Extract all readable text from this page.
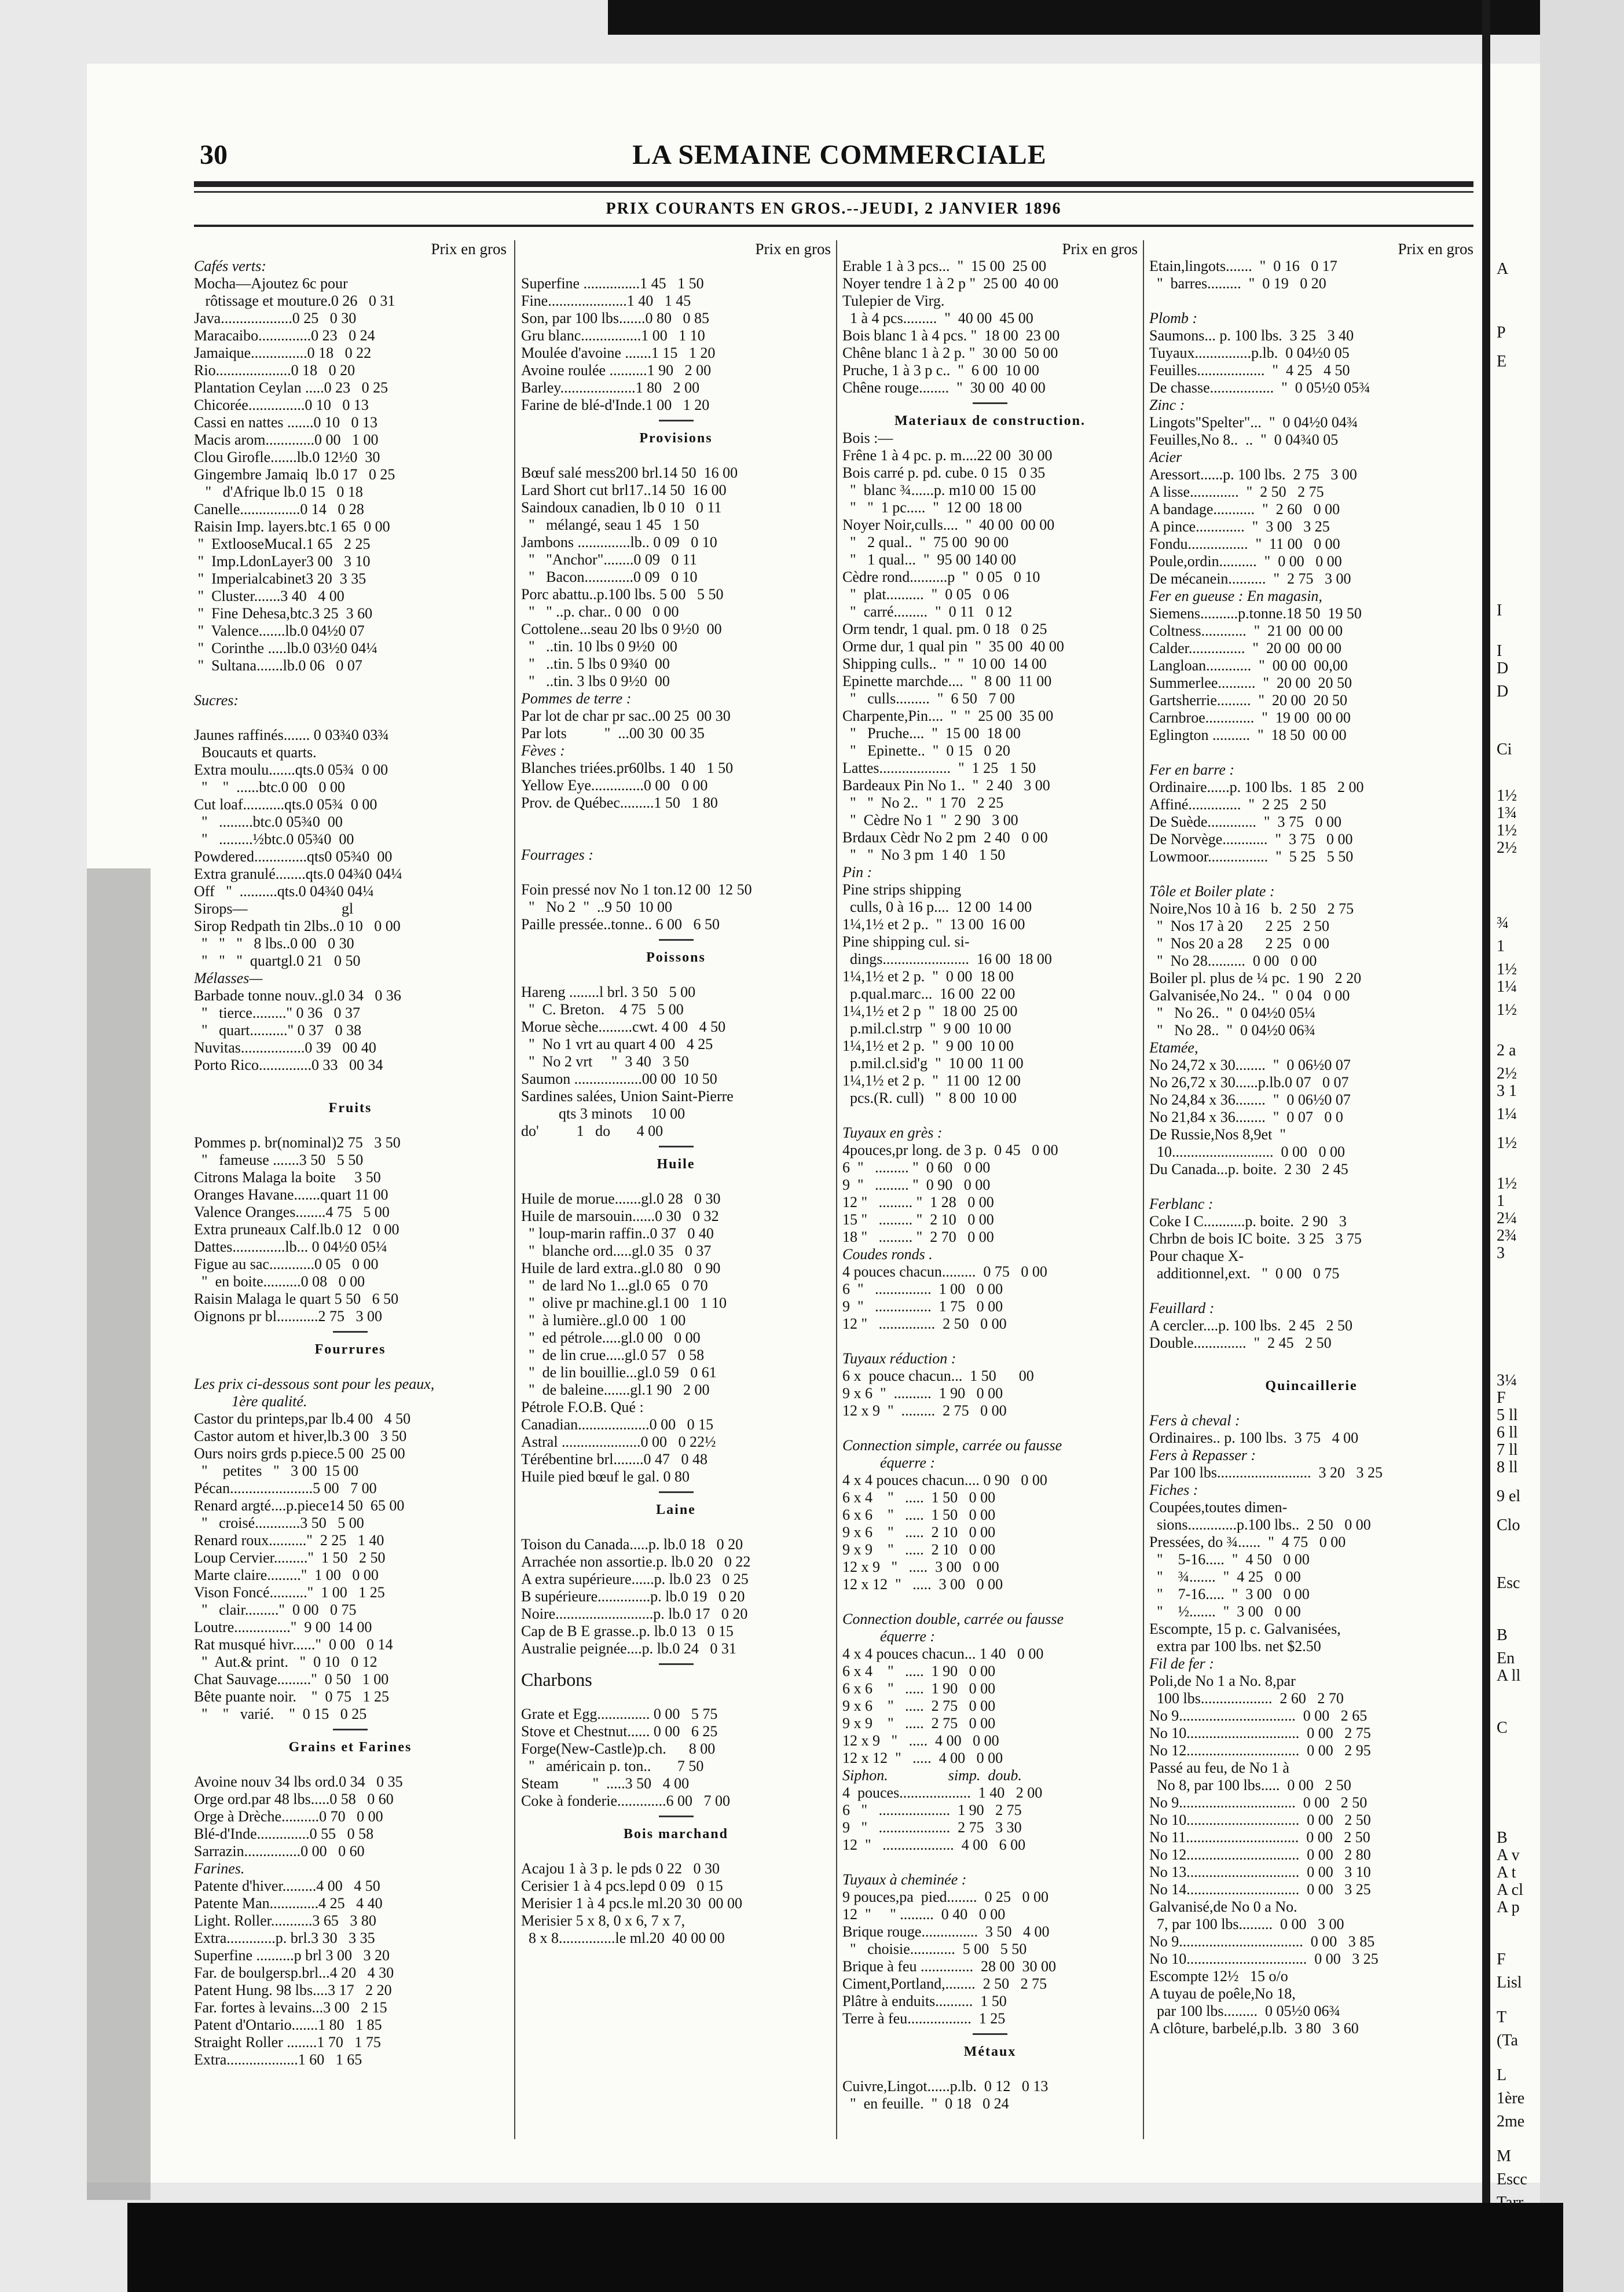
30	LA SEMAINE COMMERCIALE
PRIX COURANTS EN GROS.--JEUDI, 2 JANVIER 1896
Prix en gros
Cafés verts:
Mocha—Ajoutez 6c pour
rôtissage et mouture.0 26   0 31
Java...................0 25   0 30
Maracaibo..............0 23   0 24
Jamaique...............0 18   0 22
Rio....................0 18   0 20
Plantation Ceylan .....0 23   0 25
Chicorée...............0 10   0 13
Cassi en nattes .......0 10   0 13
Macis arom.............0 00   1 00
Clou Girofle.......lb.0 12½0  30
Gingembre Jamaiq  lb.0 17   0 25
"   d'Afrique lb.0 15   0 18
Canelle................0 14   0 28
Raisin Imp. layers.btc.1 65  0 00
"  ExtlooseMucal.1 65   2 25
"  Imp.LdonLayer3 00   3 10
"  Imperialcabinet3 20  3 35
"  Cluster.......3 40   4 00
"  Fine Dehesa,btc.3 25  3 60
"  Valence.......lb.0 04½0 07
"  Corinthe .....lb.0 03½0 04¼
"  Sultana.......lb.0 06   0 07

Sucres:

Jaunes raffinés....... 0 03¾0 03¾
Boucauts et quarts.
Extra moulu.......qts.0 05¾  0 00
"    "  ......btc.0 00   0 00
Cut loaf...........qts.0 05¾  0 00
"   .........btc.0 05¾0  00
"   .........½btc.0 05¾0  00
Powdered..............qts0 05¾0  00
Extra granulé........qts.0 04¾0 04¼
Off   "  ..........qts.0 04¾0 04¼
Sirops—                         gl
Sirop Redpath tin 2lbs..0 10   0 00
"   "   "   8 lbs..0 00   0 30
"   "   "  quartgl.0 21   0 50
Mélasses—
Barbade tonne nouv..gl.0 34   0 36
"   tierce........." 0 36   0 37
"   quart.........." 0 37   0 38
Nuvitas.................0 39   00 40
Porto Rico..............0 33   00 34

Fruits

Pommes p. br(nominal)2 75   3 50
"   fameuse .......3 50   5 50
Citrons Malaga la boite     3 50
Oranges Havane.......quart 11 00
Valence Oranges........4 75   5 00
Extra pruneaux Calf.lb.0 12   0 00
Dattes..............lb... 0 04½0 05¼
Figue au sac............0 05   0 00
"  en boite..........0 08   0 00
Raisin Malaga le quart 5 50   6 50
Oignons pr bl...........2 75   3 00
Fourrures

Les prix ci-dessous sont pour les peaux,
1ère qualité.
Castor du printeps,par lb.4 00   4 50
Castor autom et hiver,lb.3 00   3 50
Ours noirs grds p.piece.5 00  25 00
"    petites   "   3 00  15 00
Pécan......................5 00   7 00
Renard argté....p.piece14 50  65 00
"   croisé............3 50   5 00
Renard roux.........."  2 25   1 40
Loup Cervier........."  1 50   2 50
Marte claire........."  1 00   0 00
Vison Foncé.........."  1 00   1 25
"   clair........."  0 00   0 75
Loutre..............."  9 00  14 00
Rat musqué hivr......"  0 00   0 14
"  Aut.& print.   "  0 10   0 12
Chat Sauvage........."  0 50   1 00
Bête puante noir.    "  0 75   1 25
"    "   varié.    "  0 15   0 25
Grains et Farines

Avoine nouv 34 lbs ord.0 34   0 35
Orge ord.par 48 lbs.....0 58   0 60
Orge à Drèche..........0 70   0 00
Blé-d'Inde..............0 55   0 58
Sarrazin...............0 00   0 60
Farines.
Patente d'hiver.........4 00   4 50
Patente Man.............4 25   4 40
Light. Roller...........3 65   3 80
Extra.............p. brl.3 30   3 35
Superfine ..........p brl 3 00   3 20
Far. de boulgersp.brl...4 20   4 30
Patent Hung. 98 lbs....3 17   2 20
Far. fortes à levains...3 00   2 15
Patent d'Ontario.......1 80   1 85
Straight Roller ........1 70   1 75
Extra...................1 60   1 65
Prix en gros

Superfine ...............1 45   1 50
Fine.....................1 40   1 45
Son, par 100 lbs.......0 80   0 85
Gru blanc................1 00   1 10
Moulée d'avoine .......1 15   1 20
Avoine roulée ..........1 90   2 00
Barley....................1 80   2 00
Farine de blé-d'Inde.1 00   1 20
Provisions

Bœuf salé mess200 brl.14 50  16 00
Lard Short cut brl17..14 50  16 00
Saindoux canadien, lb 0 10   0 11
"   mélangé, seau 1 45   1 50
Jambons ..............lb.. 0 09   0 10
"   "Anchor"........0 09   0 11
"   Bacon.............0 09   0 10
Porc abattu..p.100 lbs. 5 00   5 50
"   " ..p. char.. 0 00   0 00
Cottolene...seau 20 lbs 0 9½0  00
"   ..tin. 10 lbs 0 9½0  00
"   ..tin. 5 lbs 0 9¾0  00
"   ..tin. 3 lbs 0 9½0  00
Pommes de terre :
Par lot de char pr sac..00 25  00 30
Par lots          "  ...00 30  00 35
Fèves :
Blanches triées.pr60lbs. 1 40   1 50
Yellow Eye..............0 00   0 00
Prov. de Québec.........1 50   1 80

Fourrages :

Foin pressé nov No 1 ton.12 00  12 50
"   No 2  "  ..9 50  10 00
Paille pressée..tonne.. 6 00   6 50
Poissons

Hareng ........l brl. 3 50   5 00
"  C. Breton.    4 75   5 00
Morue sèche.........cwt. 4 00   4 50
"  No 1 vrt au quart 4 00   4 25
"  No 2 vrt     "  3 40   3 50
Saumon ..................00 00  10 50
Sardines salées, Union Saint-Pierre
qts 3 minots     10 00
do'          1   do       4 00
Huile

Huile de morue.......gl.0 28   0 30
Huile de marsouin......0 30   0 32
" loup-marin raffin..0 37   0 40
"  blanche ord.....gl.0 35   0 37
Huile de lard extra..gl.0 80   0 90
"  de lard No 1...gl.0 65   0 70
"  olive pr machine.gl.1 00   1 10
"  à lumière..gl.0 00   1 00
"  ed pétrole.....gl.0 00   0 00
"  de lin crue.....gl.0 57   0 58
"  de lin bouillie...gl.0 59   0 61
"  de baleine.......gl.1 90   2 00
Pétrole F.O.B. Qué :
Canadian...................0 00   0 15
Astral .....................0 00   0 22½
Térébentine brl........0 47   0 48
Huile pied bœuf le gal. 0 80
Laine

Toison du Canada.....p. lb.0 18   0 20
Arrachée non assortie.p. lb.0 20   0 22
A extra supérieure......p. lb.0 23   0 25
B supérieure..............p. lb.0 19   0 20
Noire..........................p. lb.0 17   0 20
Cap de B E grasse..p. lb.0 13   0 15
Australie peignée....p. lb.0 24   0 31
Charbons

Grate et Egg.............. 0 00   5 75
Stove et Chestnut...... 0 00   6 25
Forge(New-Castle)p.ch.      8 00
"   américain p. ton..       7 50
Steam         "  .....3 50   4 00
Coke à fonderie.............6 00   7 00
Bois marchand

Acajou 1 à 3 p. le pds 0 22   0 30
Cerisier 1 à 4 pcs.lepd 0 09   0 15
Merisier 1 à 4 pcs.le ml.20 30  00 00
Merisier 5 x 8, 0 x 6, 7 x 7,
8 x 8...............le ml.20  40 00 00
Prix en gros
Erable 1 à 3 pcs...  "  15 00  25 00
Noyer tendre 1 à 2 p "  25 00  40 00
Tulepier de Virg.
1 à 4 pcs.........  "  40 00  45 00
Bois blanc 1 à 4 pcs. "  18 00  23 00
Chêne blanc 1 à 2 p. "  30 00  50 00
Pruche, 1 à 3 p c..  "  6 00  10 00
Chêne rouge........  "  30 00  40 00
Materiaux de construction.
Bois :—
Frêne 1 à 4 pc. p. m....22 00  30 00
Bois carré p. pd. cube. 0 15   0 35
"  blanc ¾......p. m10 00  15 00
"   "  1 pc.....  "  12 00  18 00
Noyer Noir,culls....  "  40 00  00 00
"   2 qual..  "  75 00  90 00
"   1 qual...  "  95 00 140 00
Cèdre rond..........p  "  0 05   0 10
"  plat..........  "  0 05   0 06
"  carré.........  "  0 11   0 12
Orm tendr, 1 qual. pm. 0 18   0 25
Orme dur, 1 qual pin  "  35 00  40 00
Shipping culls..  "  "  10 00  14 00
Epinette marchde....  "  8 00  11 00
"   culls.........  "  6 50   7 00
Charpente,Pin....  "  "  25 00  35 00
"   Pruche....  "  15 00  18 00
"   Epinette..  "  0 15   0 20
Lattes...................  "  1 25   1 50
Bardeaux Pin No 1..  "  2 40   3 00
"   "  No 2..  "  1 70   2 25
"  Cèdre No 1  "  2 90   3 00
Brdaux Cèdr No 2 pm  2 40   0 00
"   "  No 3 pm  1 40   1 50
Pin :
Pine strips shipping
culls, 0 à 16 p....  12 00  14 00
1¼,1½ et 2 p..  "  13 00  16 00
Pine shipping cul. si-
dings.......................  16 00  18 00
1¼,1½ et 2 p.  "  0 00  18 00
p.qual.marc...  16 00  22 00
1¼,1½ et 2 p  "  18 00  25 00
p.mil.cl.strp  "  9 00  10 00
1¼,1½ et 2 p.  "  9 00  10 00
p.mil.cl.sid'g  "  10 00  11 00
1¼,1½ et 2 p.  "  11 00  12 00
pcs.(R. cull)   "  8 00  10 00

Tuyaux en grès :
4pouces,pr long. de 3 p.  0 45   0 00
6  "   ......... "  0 60   0 00
9  "   ......... "  0 90   0 00
12 "   ......... "  1 28   0 00
15 "   ......... "  2 10   0 00
18 "   ......... "  2 70   0 00
Coudes ronds .
4 pouces chacun.........  0 75   0 00
6  "   ...............  1 00   0 00
9  "   ...............  1 75   0 00
12 "   ...............  2 50   0 00

Tuyaux réduction :
6 x  pouce chacun...  1 50      00
9 x 6  "  ..........  1 90   0 00
12 x 9  "  .........  2 75   0 00

Connection simple, carrée ou fausse
équerre :
4 x 4 pouces chacun.... 0 90   0 00
6 x 4    "   .....  1 50   0 00
6 x 6    "   .....  1 50   0 00
9 x 6    "   .....  2 10   0 00
9 x 9    "   .....  2 10   0 00
12 x 9   "   .....  3 00   0 00
12 x 12  "   .....  3 00   0 00

Connection double, carrée ou fausse
équerre :
4 x 4 pouces chacun... 1 40   0 00
6 x 4    "   .....  1 90   0 00
6 x 6    "   .....  1 90   0 00
9 x 6    "   .....  2 75   0 00
9 x 9    "   .....  2 75   0 00
12 x 9   "   .....  4 00   0 00
12 x 12  "   .....  4 00   0 00
Siphon.                simp.  doub.
4  pouces...................  1 40   2 00
6   "   ...................  1 90   2 75
9   "   ...................  2 75   3 30
12  "   ...................  4 00   6 00

Tuyaux à cheminée :
9 pouces,pa  pied........  0 25   0 00
12  "     " .........  0 40   0 00
Brique rouge...............  3 50   4 00
"   choisie............  5 00   5 50
Brique à feu ..............  28 00  30 00
Ciment,Portland,........  2 50   2 75
Plâtre à enduits..........  1 50
Terre à feu.................  1 25
Métaux

Cuivre,Lingot......p.lb.  0 12   0 13
"  en feuille.  "  0 18   0 24
Prix en gros
Etain,lingots.......  "  0 16   0 17
"  barres.........  "  0 19   0 20

Plomb :
Saumons... p. 100 lbs.  3 25   3 40
Tuyaux...............p.lb.  0 04½0 05
Feuilles..................  "  4 25   4 50
De chasse.................  "  0 05½0 05¾
Zinc :
Lingots"Spelter"...  "  0 04½0 04¾
Feuilles,No 8..  ..  "  0 04¾0 05
Acier
Aressort......p. 100 lbs.  2 75   3 00
A lisse.............  "  2 50   2 75
A bandage...........  "  2 60   0 00
A pince.............  "  3 00   3 25
Fondu................  "  11 00   0 00
Poule,ordin..........  "  0 00   0 00
De mécanein..........  "  2 75   3 00
Fer en gueuse : En magasin,
Siemens..........p.tonne.18 50  19 50
Coltness............  "  21 00  00 00
Calder...............  "  20 00  00 00
Langloan............  "  00 00  00,00
Summerlee..........  "  20 00  20 50
Gartsherrie.........  "  20 00  20 50
Carnbroe.............  "  19 00  00 00
Eglington ..........  "  18 50  00 00

Fer en barre :
Ordinaire......p. 100 lbs.  1 85   2 00
Affiné..............  "  2 25   2 50
De Suède.............  "  3 75   0 00
De Norvège............  "  3 75   0 00
Lowmoor................  "  5 25   5 50

Tôle et Boiler plate :
Noire,Nos 10 à 16   b.  2 50   2 75
"  Nos 17 à 20      2 25   2 50
"  Nos 20 a 28      2 25   0 00
"  No 28..........  0 00   0 00
Boiler pl. plus de ¼ pc.  1 90   2 20
Galvanisée,No 24..  "  0 04   0 00
"   No 26..  "  0 04½0 05¼
"   No 28..  "  0 04½0 06¾
Etamée,
No 24,72 x 30........  "  0 06½0 07
No 26,72 x 30......p.lb.0 07   0 07
No 24,84 x 36........  "  0 06½0 07
No 21,84 x 36........  "  0 07   0 0
De Russie,Nos 8,9et  "
10...........................  0 00   0 00
Du Canada...p. boite.  2 30   2 45

Ferblanc :
Coke I C...........p. boite.  2 90   3
Chrbn de bois IC boite.  3 25   3 75
Pour chaque X-
additionnel,ext.   "  0 00   0 75

Feuillard :
A cercler....p. 100 lbs.  2 45   2 50
Double..............  "  2 45   2 50

Quincaillerie

Fers à cheval :
Ordinaires.. p. 100 lbs.  3 75   4 00
Fers à Repasser :
Par 100 lbs.........................  3 20   3 25
Fiches :
Coupées,toutes dimen-
sions.............p.100 lbs..  2 50   0 00
Pressées, do ¾......  "  4 75   0 00
"    5-16.....  "  4 50   0 00
"    ¾.......  "  4 25   0 00
"    7-16.....  "  3 00   0 00
"    ½.......  "  3 00   0 00
Escompte, 15 p. c. Galvanisées,
extra par 100 lbs. net $2.50
Fil de fer :
Poli,de No 1 a No. 8,par
100 lbs...................  2 60   2 70
No 9...............................  0 00   2 65
No 10..............................  0 00   2 75
No 12..............................  0 00   2 95
Passé au feu, de No 1 à
No 8, par 100 lbs.....  0 00   2 50
No 9...............................  0 00   2 50
No 10..............................  0 00   2 50
No 11..............................  0 00   2 50
No 12..............................  0 00   2 80
No 13..............................  0 00   3 10
No 14..............................  0 00   3 25
Galvanisé,de No 0 a No.
7, par 100 lbs.........  0 00   3 00
No 9.................................  0 00   3 85
No 10................................  0 00   3 25
Escompte 12½   15 o/o
A tuyau de poêle,No 18,
par 100 lbs.........  0 05½0 06¾
A clôture, barbelé,p.lb.  3 80   3 60
A
P
E
I
I
D
D
Ci
1½
1¾
1½
2½
¾
1
1½
1¼
1½
2 a
2½
3 1
1¼
1½
1½
1
2¼
2¾
3
3¼
F
5 ll
6 ll
7 ll
8 ll
9 el
Clo
Esc
B
En
A ll
C
B
A v
A t
A cl
A p
F
Lisl
T
(Ta
L
1ère
2me
M
Escc
Tarr
